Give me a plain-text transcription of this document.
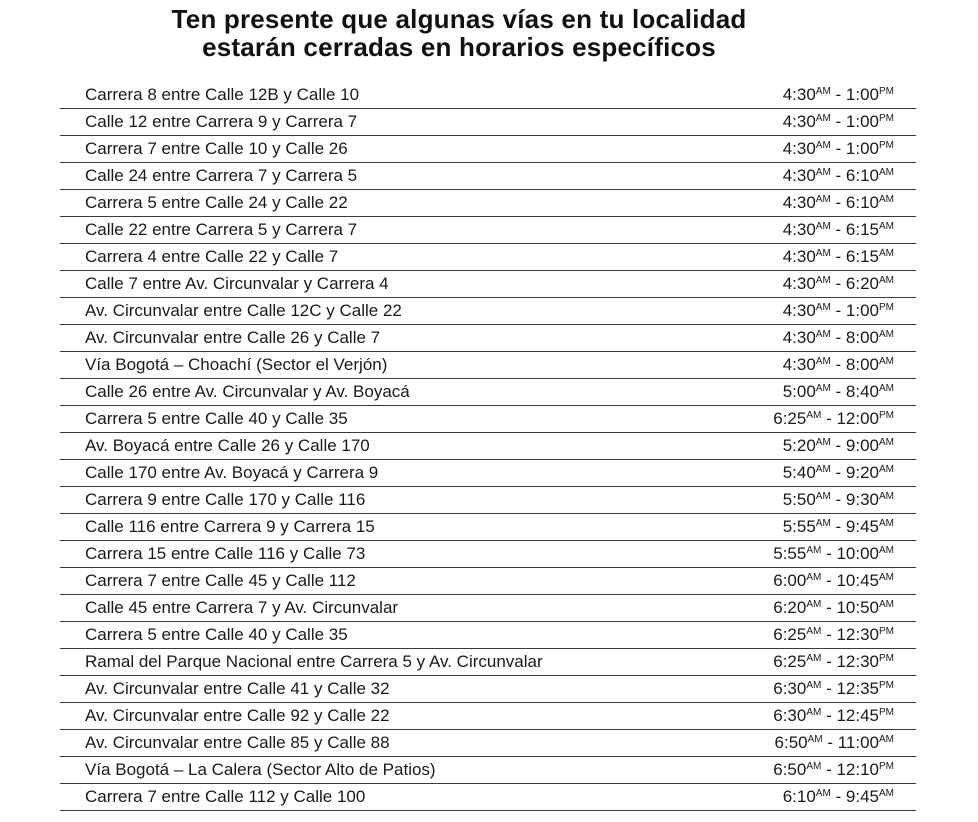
Ten presente que algunas vías en tu localidad
estarán cerradas en horarios específicos
Carrera 8 entre Calle 12B y Calle 10	$4:30^{AM}$ - $1:00^{PM}$
Calle 12 entre Carrera 9 y Carrera 7	$4:30^{AM}$ - $1:00^{PM}$
Carrera 7 entre Calle 10 y Calle 26	$4:30^{AM}$ - $1:00^{PM}$
Calle 24 entre Carrera 7 y Carrera 5	$4:30^{AM}$ - $6:10^{AM}$
Carrera 5 entre Calle 24 y Calle 22	$4:30^{AM}$ - $6:10^{AM}$
Calle 22 entre Carrera 5 y Carrera 7	$4:30^{AM}$ - $6:15^{AM}$
Carrera 4 entre Calle 22 y Calle 7	$4:30^{AM}$ - $6:15^{AM}$
Calle 7 entre Av. Circunvalar y Carrera 4	$4:30^{AM}$ - $6:20^{AM}$
Av. Circunvalar entre Calle 12C y Calle 22	$4:30^{AM}$ - $1:00^{PM}$
Av. Circunvalar entre Calle 26 y Calle 7	$4:30^{AM}$ - $8:00^{AM}$
Vía Bogotá – Choachí (Sector el Verjón)	$4:30^{AM}$ - $8:00^{AM}$
Calle 26 entre Av. Circunvalar y Av. Boyacá	$5:00^{AM}$ - $8:40^{AM}$
Carrera 5 entre Calle 40 y Calle 35	$6:25^{AM}$ - $12:00^{PM}$
Av. Boyacá entre Calle 26 y Calle 170	$5:20^{AM}$ - $9:00^{AM}$
Calle 170 entre Av. Boyacá y Carrera 9	$5:40^{AM}$ - $9:20^{AM}$
Carrera 9 entre Calle 170 y Calle 116	$5:50^{AM}$ - $9:30^{AM}$
Calle 116 entre Carrera 9 y Carrera 15	$5:55^{AM}$ - $9:45^{AM}$
Carrera 15 entre Calle 116 y Calle 73	$5:55^{AM}$ - $10:00^{AM}$
Carrera 7 entre Calle 45 y Calle 112	$6:00^{AM}$ - $10:45^{AM}$
Calle 45 entre Carrera 7 y Av. Circunvalar	$6:20^{AM}$ - $10:50^{AM}$
Carrera 5 entre Calle 40 y Calle 35	$6:25^{AM}$ - $12:30^{PM}$
Ramal del Parque Nacional entre Carrera 5 y Av. Circunvalar	$6:25^{AM}$ - $12:30^{PM}$
Av. Circunvalar entre Calle 41 y Calle 32	$6:30^{AM}$ - $12:35^{PM}$
Av. Circunvalar entre Calle 92 y Calle 22	$6:30^{AM}$ - $12:45^{PM}$
Av. Circunvalar entre Calle 85 y Calle 88	$6:50^{AM}$ - $11:00^{AM}$
Vía Bogotá – La Calera (Sector Alto de Patios)	$6:50^{AM}$ - $12:10^{PM}$
Carrera 7 entre Calle 112 y Calle 100	$6:10^{AM}$ - $9:45^{AM}$
